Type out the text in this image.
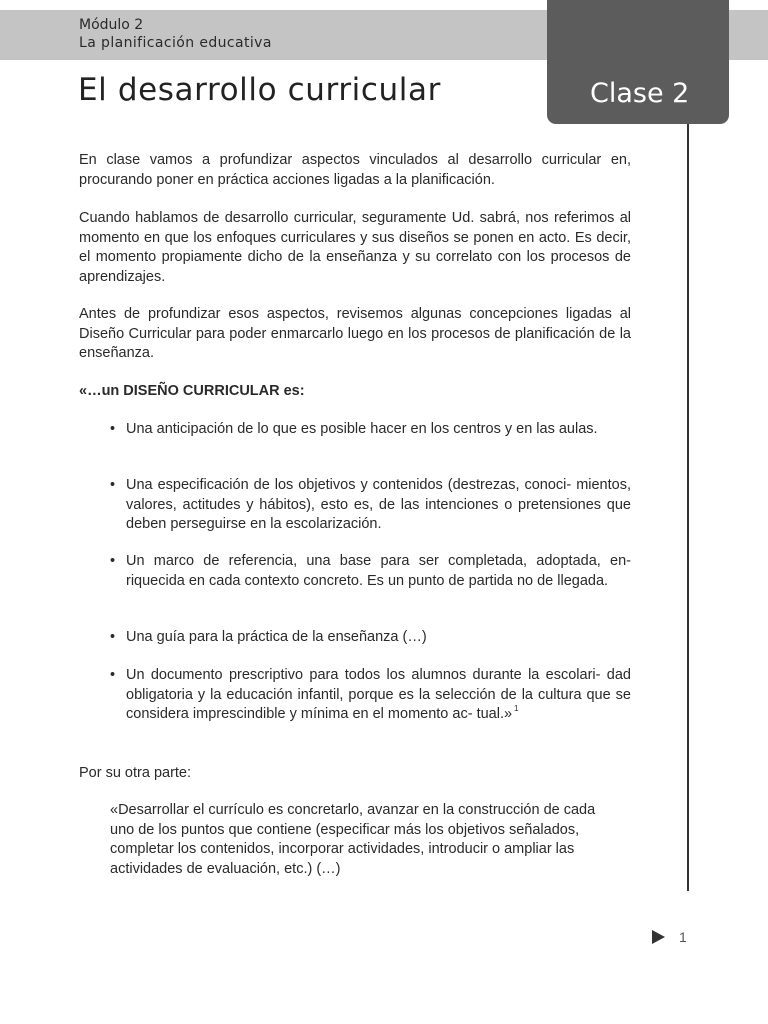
Módulo 2
La planificación educativa
Clase 2
El desarrollo curricular

En clase vamos a profundizar aspectos vinculados al desarrollo curricular en, procurando poner en práctica acciones ligadas a la planificación.

Cuando hablamos de desarrollo curricular, seguramente Ud. sabrá, nos referimos al momento en que los enfoques curriculares y sus diseños se ponen en acto. Es decir, el momento propiamente dicho de la enseñanza y su correlato con los procesos de aprendizajes.

Antes de profundizar esos aspectos, revisemos algunas concepciones ligadas al Diseño Curricular para poder enmarcarlo luego en los procesos de planificación de la enseñanza.

«…un DISEÑO CURRICULAR es:

• Una anticipación de lo que es posible hacer en los centros y en las aulas.
• Una especificación de los objetivos y contenidos (destrezas, conoci- mientos, valores, actitudes y hábitos), esto es, de las intenciones o pretensiones que deben perseguirse en la escolarización.
• Un marco de referencia, una base para ser completada, adoptada, en- riquecida en cada contexto concreto. Es un punto de partida no de llegada.
• Una guía para la práctica de la enseñanza (…)
• Un documento prescriptivo para todos los alumnos durante la escolari- dad obligatoria y la educación infantil, porque es la selección de la cultura que se considera imprescindible y mínima en el momento ac- tual.» $^1$

Por su otra parte:

«Desarrollar el currículo es concretarlo, avanzar en la construcción de cada uno de los puntos que contiene (especificar más los objetivos señalados, completar los contenidos, incorporar actividades, introducir o ampliar las actividades de evaluación, etc.) (…)

1
